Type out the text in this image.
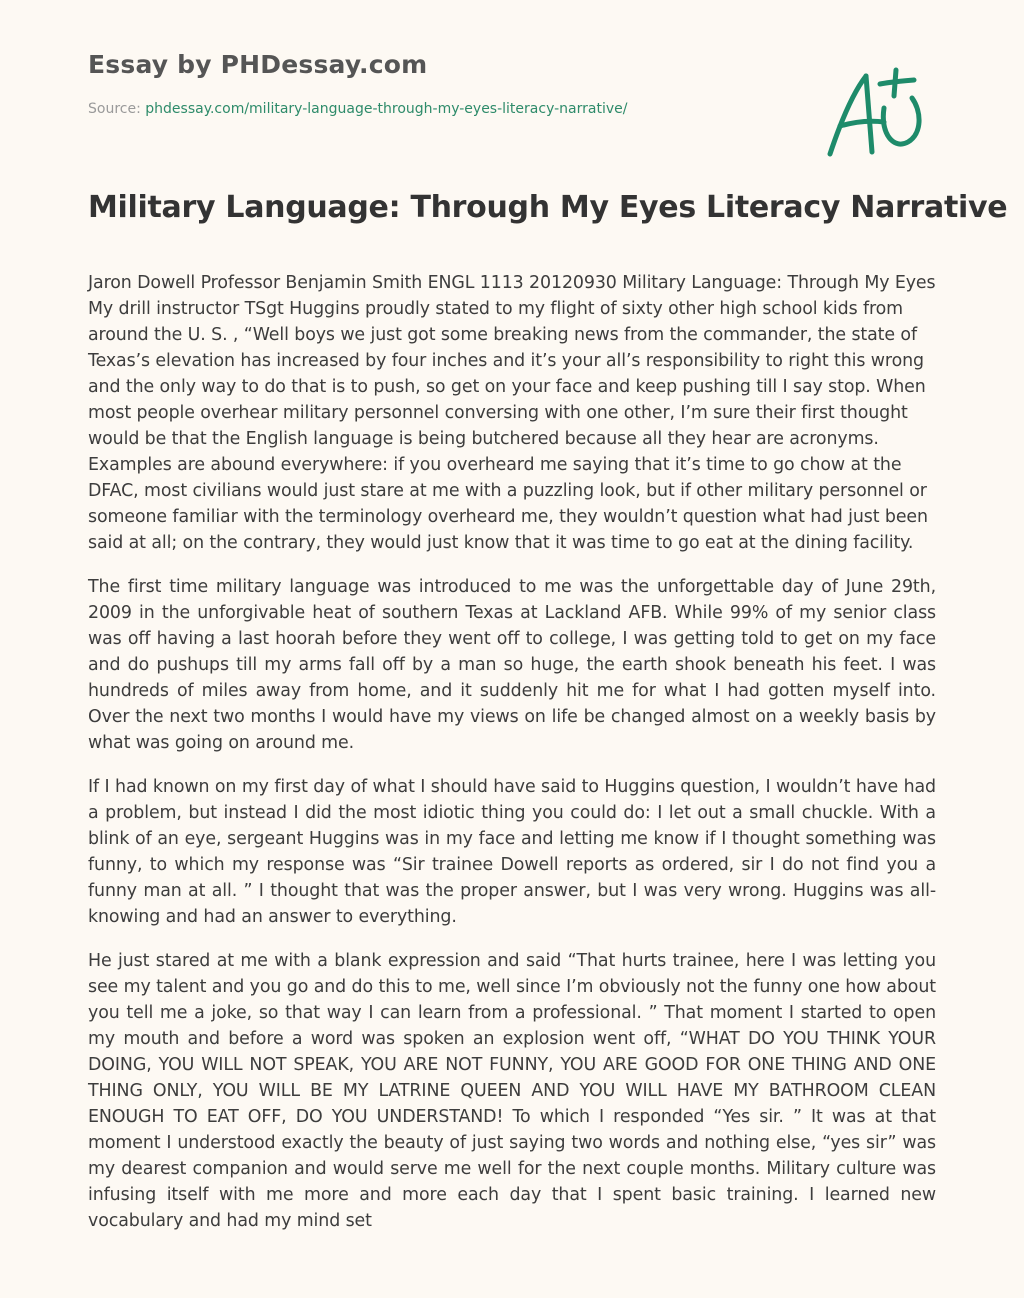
Essay by PHDessay.com
Source: phdessay.com/military-language-through-my-eyes-literacy-narrative/
Military Language: Through My Eyes Literacy Narrative

Jaron Dowell Professor Benjamin Smith ENGL 1113 20120930 Military Language: Through My Eyes My drill instructor TSgt Huggins proudly stated to my flight of sixty other high school kids from around the U. S. , “Well boys we just got some breaking news from the commander, the state of Texas’s elevation has increased by four inches and it’s your all’s responsibility to right this wrong and the only way to do that is to push, so get on your face and keep pushing till I say stop. When most people overhear military personnel conversing with one other, I’m sure their first thought would be that the English language is being butchered because all they hear are acronyms. Examples are abound everywhere: if you overheard me saying that it’s time to go chow at the DFAC, most civilians would just stare at me with a puzzling look, but if other military personnel or someone familiar with the terminology overheard me, they wouldn’t question what had just been said at all; on the contrary, they would just know that it was time to go eat at the dining facility.

The first time military language was introduced to me was the unforgettable day of June 29th, 2009 in the unforgivable heat of southern Texas at Lackland AFB. While 99% of my senior class was off having a last hoorah before they went off to college, I was getting told to get on my face and do pushups till my arms fall off by a man so huge, the earth shook beneath his feet. I was hundreds of miles away from home, and it suddenly hit me for what I had gotten myself into. Over the next two months I would have my views on life be changed almost on a weekly basis by what was going on around me.

If I had known on my first day of what I should have said to Huggins question, I wouldn’t have had a problem, but instead I did the most idiotic thing you could do: I let out a small chuckle. With a blink of an eye, sergeant Huggins was in my face and letting me know if I thought something was funny, to which my response was “Sir trainee Dowell reports as ordered, sir I do not find you a funny man at all. ” I thought that was the proper answer, but I was very wrong. Huggins was all-knowing and had an answer to everything.

He just stared at me with a blank expression and said “That hurts trainee, here I was letting you see my talent and you go and do this to me, well since I’m obviously not the funny one how about you tell me a joke, so that way I can learn from a professional. ” That moment I started to open my mouth and before a word was spoken an explosion went off, “WHAT DO YOU THINK YOUR DOING, YOU WILL NOT SPEAK, YOU ARE NOT FUNNY, YOU ARE GOOD FOR ONE THING AND ONE THING ONLY, YOU WILL BE MY LATRINE QUEEN AND YOU WILL HAVE MY BATHROOM CLEAN ENOUGH TO EAT OFF, DO YOU UNDERSTAND! To which I responded “Yes sir. ” It was at that moment I understood exactly the beauty of just saying two words and nothing else, “yes sir” was my dearest companion and would serve me well for the next couple months. Military culture was infusing itself with me more and more each day that I spent basic training. I learned new vocabulary and had my mind set
